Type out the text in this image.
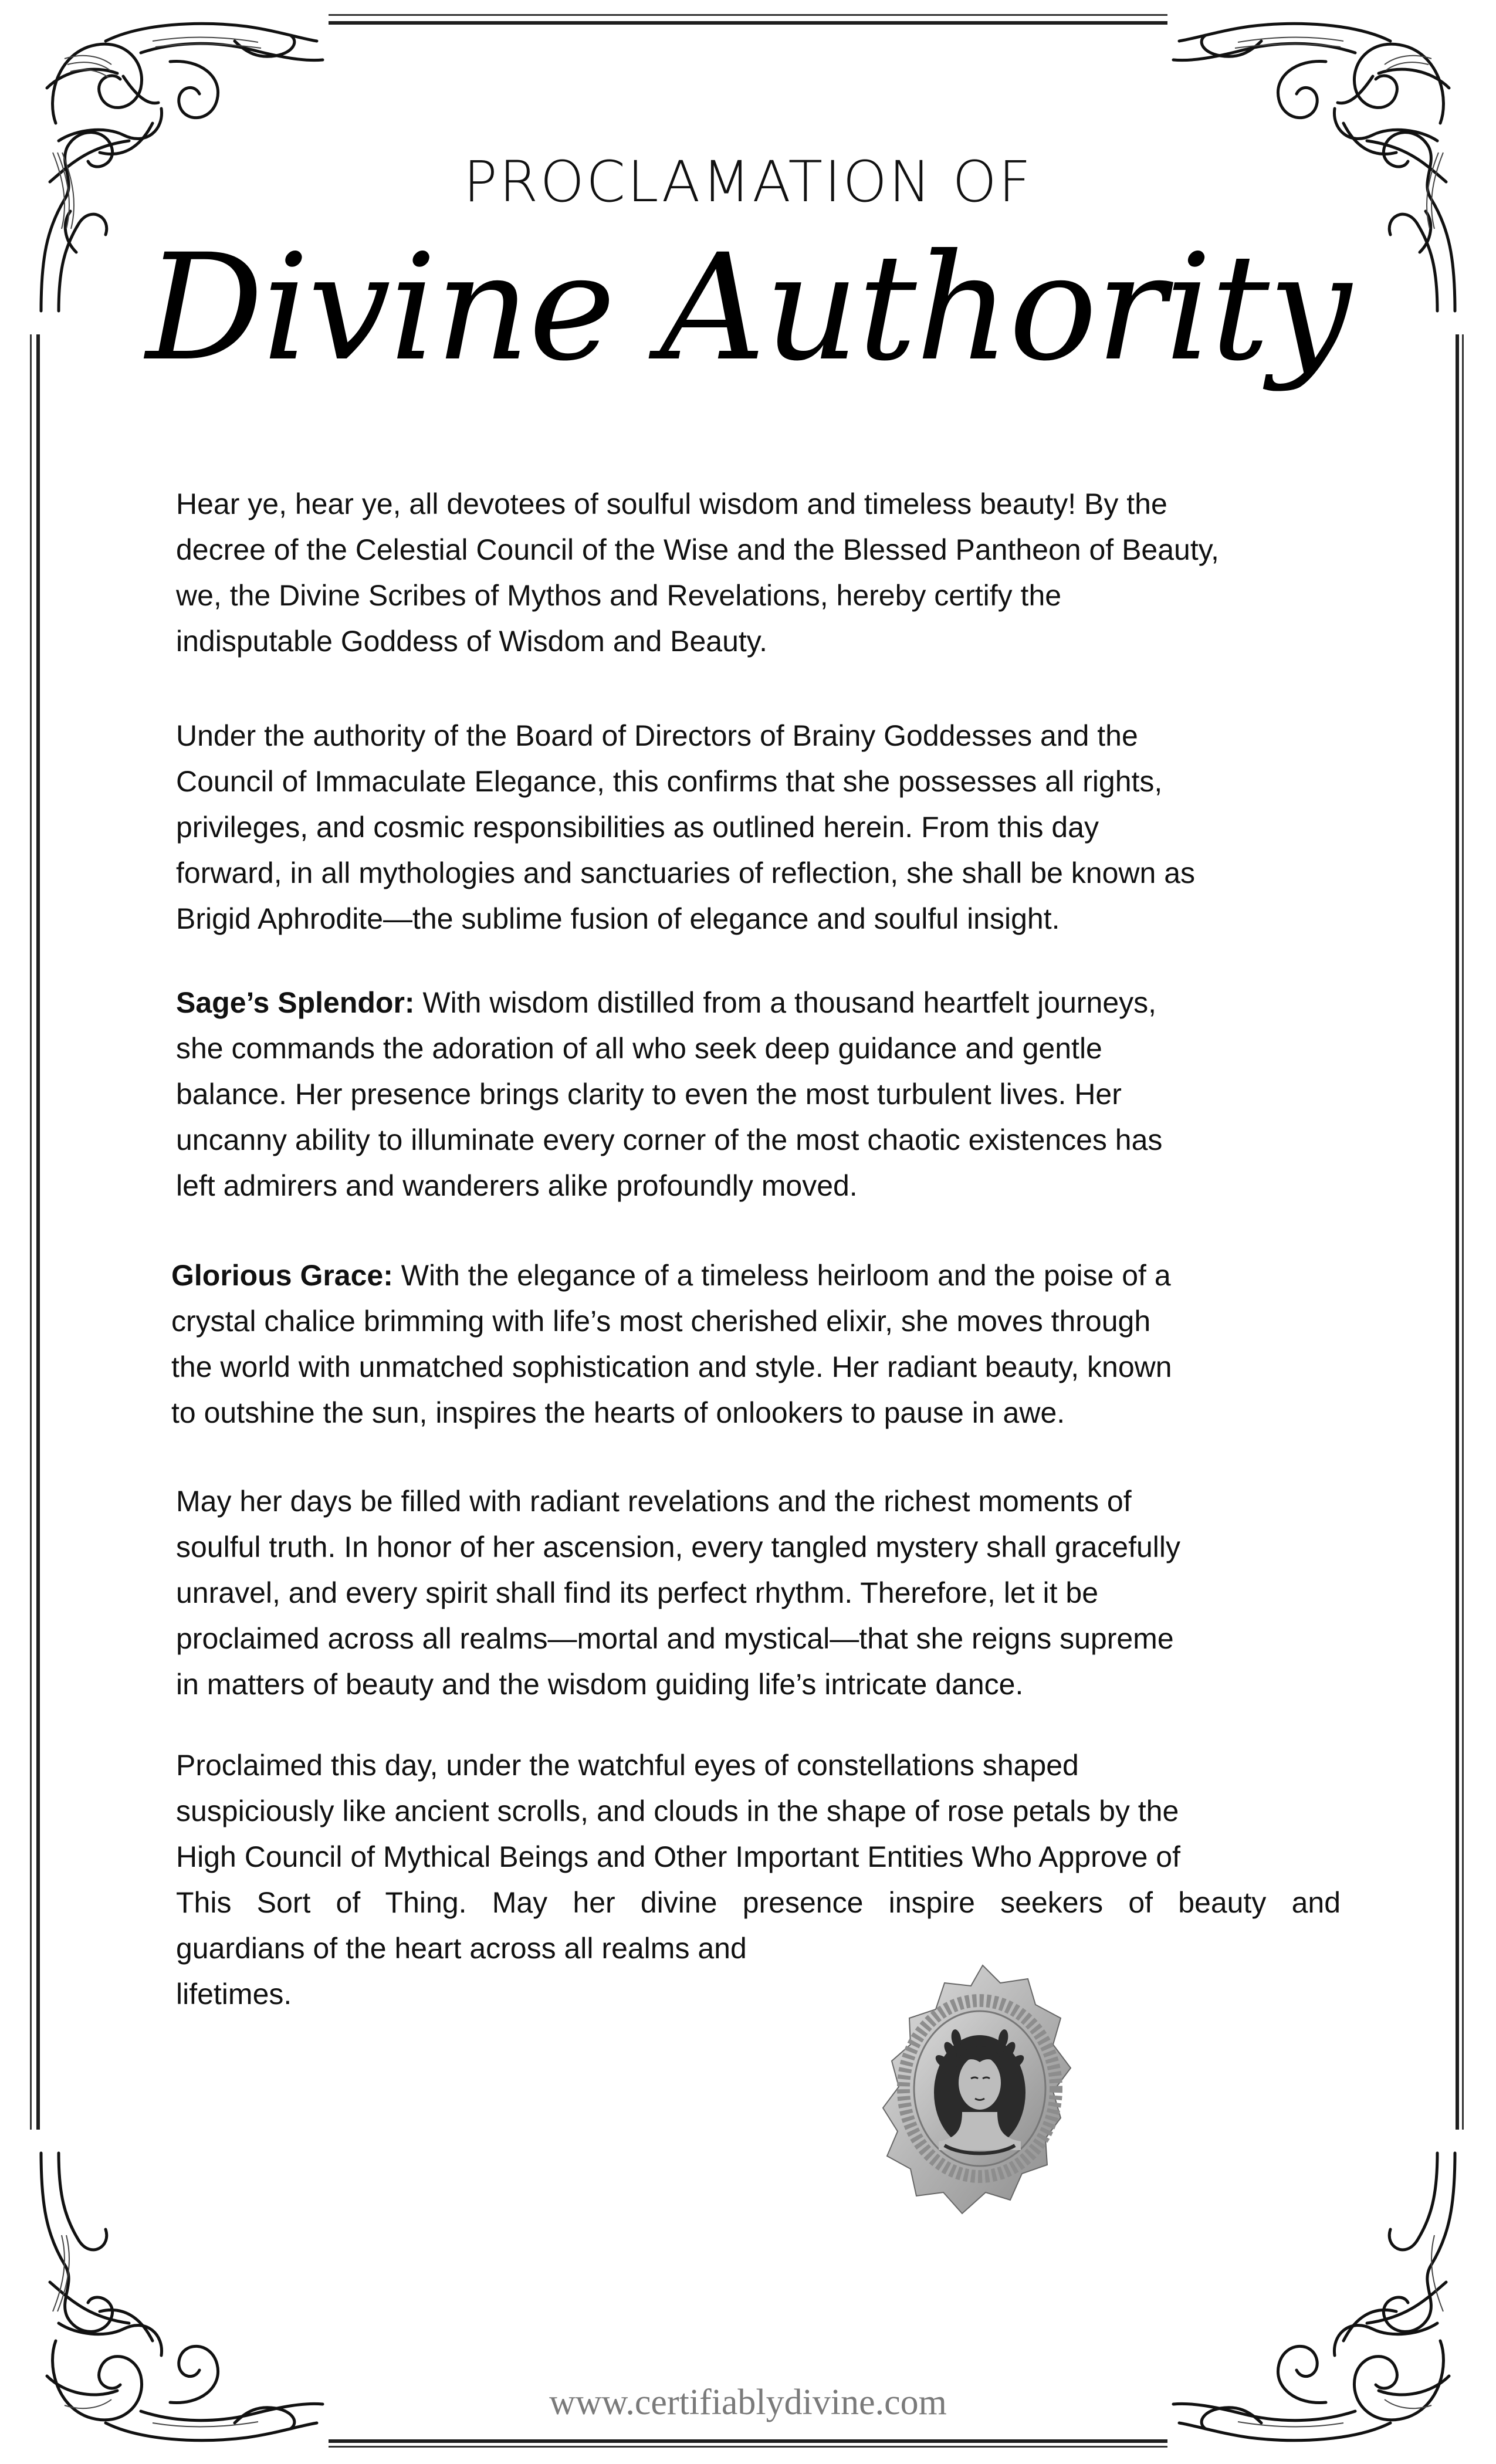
PROCLAMATION OF
Divine Authority

Hear ye, hear ye, all devotees of soulful wisdom and timeless beauty! By the

decree of the Celestial Council of the Wise and the Blessed Pantheon of Beauty,

we, the Divine Scribes of Mythos and Revelations, hereby certify the

indisputable Goddess of Wisdom and Beauty.

Under the authority of the Board of Directors of Brainy Goddesses and the

Council of Immaculate Elegance, this confirms that she possesses all rights,

privileges, and cosmic responsibilities as outlined herein. From this day

forward, in all mythologies and sanctuaries of reflection, she shall be known as

Brigid Aphrodite—the sublime fusion of elegance and soulful insight.

Sage’s Splendor: With wisdom distilled from a thousand heartfelt journeys,

she commands the adoration of all who seek deep guidance and gentle

balance. Her presence brings clarity to even the most turbulent lives. Her

uncanny ability to illuminate every corner of the most chaotic existences has

left admirers and wanderers alike profoundly moved.

Glorious Grace: With the elegance of a timeless heirloom and the poise of a

crystal chalice brimming with life’s most cherished elixir, she moves through

the world with unmatched sophistication and style. Her radiant beauty, known

to outshine the sun, inspires the hearts of onlookers to pause in awe.

May her days be filled with radiant revelations and the richest moments of

soulful truth. In honor of her ascension, every tangled mystery shall gracefully

unravel, and every spirit shall find its perfect rhythm. Therefore, let it be

proclaimed across all realms—mortal and mystical—that she reigns supreme

in matters of beauty and the wisdom guiding life’s intricate dance.

Proclaimed this day, under the watchful eyes of constellations shaped

suspiciously like ancient scrolls, and clouds in the shape of rose petals by the

High Council of Mythical Beings and Other Important Entities Who Approve of

This Sort of Thing. May her divine presence inspire seekers of beauty and

guardians of the heart across all realms and

lifetimes.

www.certifiablydivine.com
